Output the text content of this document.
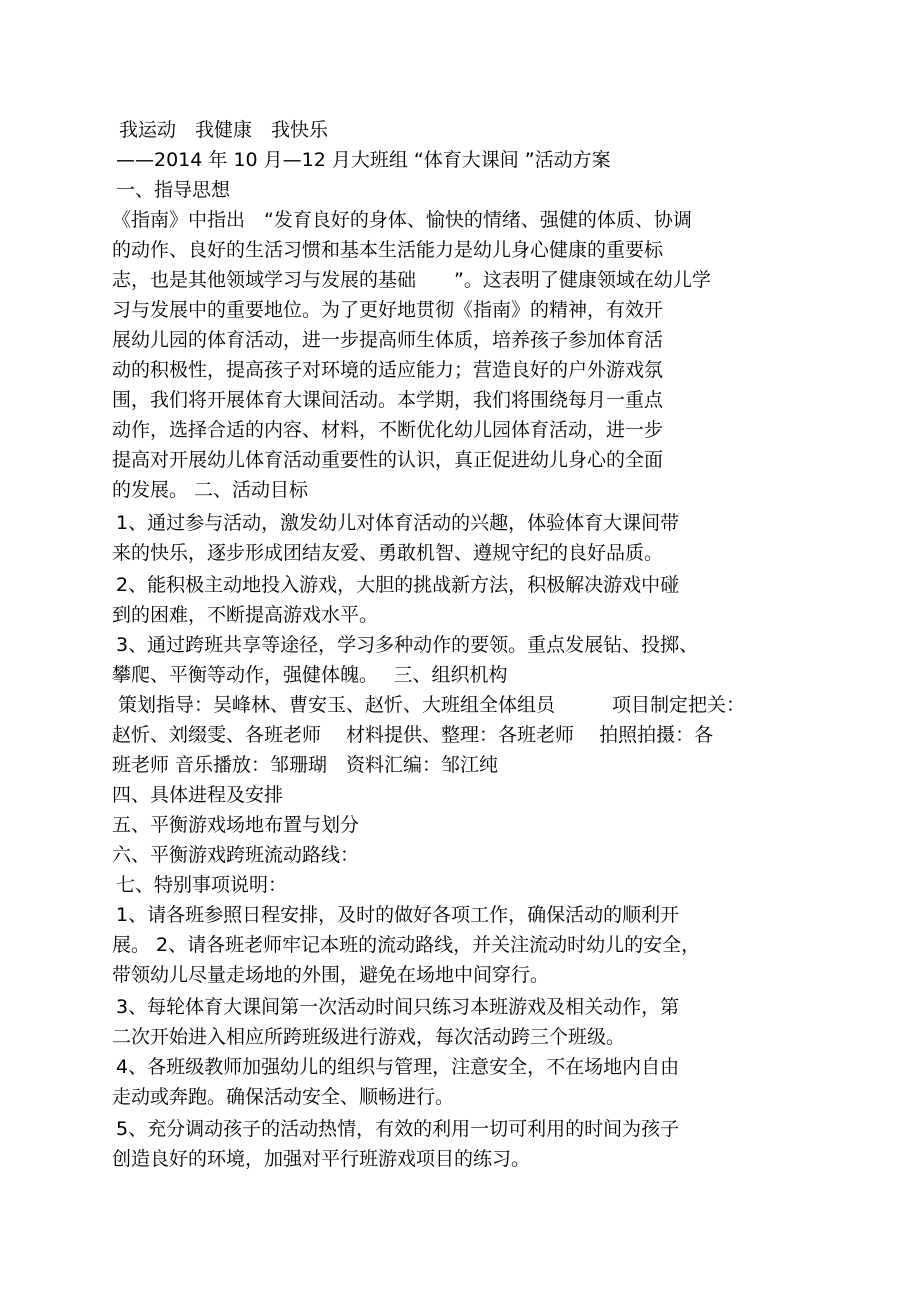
我运动　我健康　我快乐
——2014 年 10 月—12 月大班组 “体育大课间 ”活动方案
一、指导思想
《指南》中指出　“发育良好的身体、愉快的情绪、强健的体质、协调
的动作、良好的生活习惯和基本生活能力是幼儿身心健康的重要标
志，也是其他领域学习与发展的基础　　”。这表明了健康领域在幼儿学
习与发展中的重要地位。为了更好地贯彻《指南》的精神，有效开
展幼儿园的体育活动，进一步提高师生体质，培养孩子参加体育活
动的积极性，提高孩子对环境的适应能力；营造良好的户外游戏氛
围，我们将开展体育大课间活动。本学期，我们将围绕每月一重点
动作，选择合适的内容、材料，不断优化幼儿园体育活动，进一步
提高对开展幼儿体育活动重要性的认识，真正促进幼儿身心的全面
的发展。 二、活动目标
1、通过参与活动，激发幼儿对体育活动的兴趣，体验体育大课间带
来的快乐，逐步形成团结友爱、勇敢机智、遵规守纪的良好品质。
2、能积极主动地投入游戏，大胆的挑战新方法，积极解决游戏中碰
到的困难，不断提高游戏水平。
3、通过跨班共享等途径，学习多种动作的要领。重点发展钻、投掷、
攀爬、平衡等动作，强健体魄。　 三、组织机构
策划指导：吴峰林、曹安玉、赵忻、大班组全体组员　　　项目制定把关：
赵忻、刘缀雯、各班老师　 材料提供、整理：各班老师　 拍照拍摄：各
班老师 音乐播放：邹珊瑚　资料汇编：邹江纯
四、具体进程及安排
五、平衡游戏场地布置与划分
六、平衡游戏跨班流动路线：
七、特别事项说明：
1、请各班参照日程安排，及时的做好各项工作，确保活动的顺利开
展。 2、请各班老师牢记本班的流动路线，并关注流动时幼儿的安全，
带领幼儿尽量走场地的外围，避免在场地中间穿行。
3、每轮体育大课间第一次活动时间只练习本班游戏及相关动作，第
二次开始进入相应所跨班级进行游戏，每次活动跨三个班级。
4、各班级教师加强幼儿的组织与管理，注意安全，不在场地内自由
走动或奔跑。确保活动安全、顺畅进行。
5、充分调动孩子的活动热情，有效的利用一切可利用的时间为孩子
创造良好的环境，加强对平行班游戏项目的练习。
